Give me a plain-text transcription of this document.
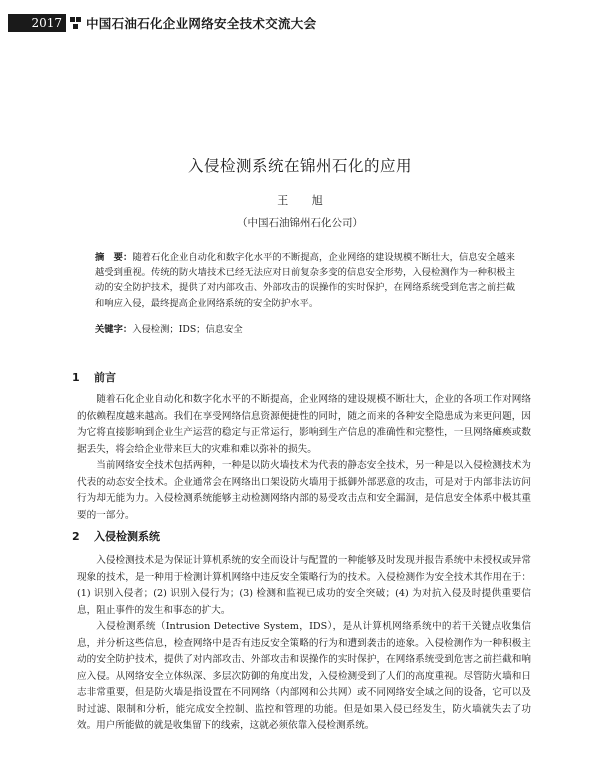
2017	中国石油石化企业网络安全技术交流大会
入侵检测系统在锦州石化的应用
王 旭
（中国石油锦州石化公司）
摘　要：随着石化企业自动化和数字化水平的不断提高，企业网络的建设规模不断壮大，信息安全越来越受到重视。传统的防火墙技术已经无法应对日前复杂多变的信息安全形势，入侵检测作为一种积极主动的安全防护技术，提供了对内部攻击、外部攻击的误操作的实时保护，在网络系统受到危害之前拦截和响应入侵，最终提高企业网络系统的安全防护水平。
关键字：入侵检测；IDS；信息安全
1 前言

随着石化企业自动化和数字化水平的不断提高，企业网络的建设规模不断壮大，企业的各项工作对网络的依赖程度越来越高。我们在享受网络信息资源便捷性的同时，随之而来的各种安全隐患成为来更问题，因为它将直接影响到企业生产运营的稳定与正常运行，影响到生产信息的准确性和完整性，一旦网络瘫痪或数据丢失，将会给企业带来巨大的灾难和难以弥补的损失。

当前网络安全技术包括两种，一种是以防火墙技术为代表的静态安全技术，另一种是以入侵检测技术为代表的动态安全技术。企业通常会在网络出口架设防火墙用于抵御外部恶意的攻击，可是对于内部非法访问行为却无能为力。入侵检测系统能够主动检测网络内部的易受攻击点和安全漏洞，是信息安全体系中极其重要的一部分。

2 入侵检测系统

入侵检测技术是为保证计算机系统的安全而设计与配置的一种能够及时发现并报告系统中未授权或异常现象的技术，是一种用于检测计算机网络中违反安全策略行为的技术。入侵检测作为安全技术其作用在于：(1) 识别入侵者；(2) 识别入侵行为；(3) 检测和监视已成功的安全突破；(4) 为对抗入侵及时提供重要信息，阻止事件的发生和事态的扩大。

入侵检测系统（Intrusion Detective System，IDS），是从计算机网络系统中的若干关键点收集信息，并分析这些信息，检查网络中是否有违反安全策略的行为和遭到袭击的迹象。入侵检测作为一种积极主动的安全防护技术，提供了对内部攻击、外部攻击和误操作的实时保护，在网络系统受到危害之前拦截和响应入侵。从网络安全立体纵深、多层次防御的角度出发，入侵检测受到了人们的高度重视。尽管防火墙和日志非常重要，但是防火墙是指设置在不同网络（内部网和公共网）或不同网络安全域之间的设备，它可以及时过滤、限制和分析，能完成安全控制、监控和管理的功能。但是如果入侵已经发生，防火墙就失去了功效。用户所能做的就是收集留下的线索，这就必须依靠入侵检测系统。
